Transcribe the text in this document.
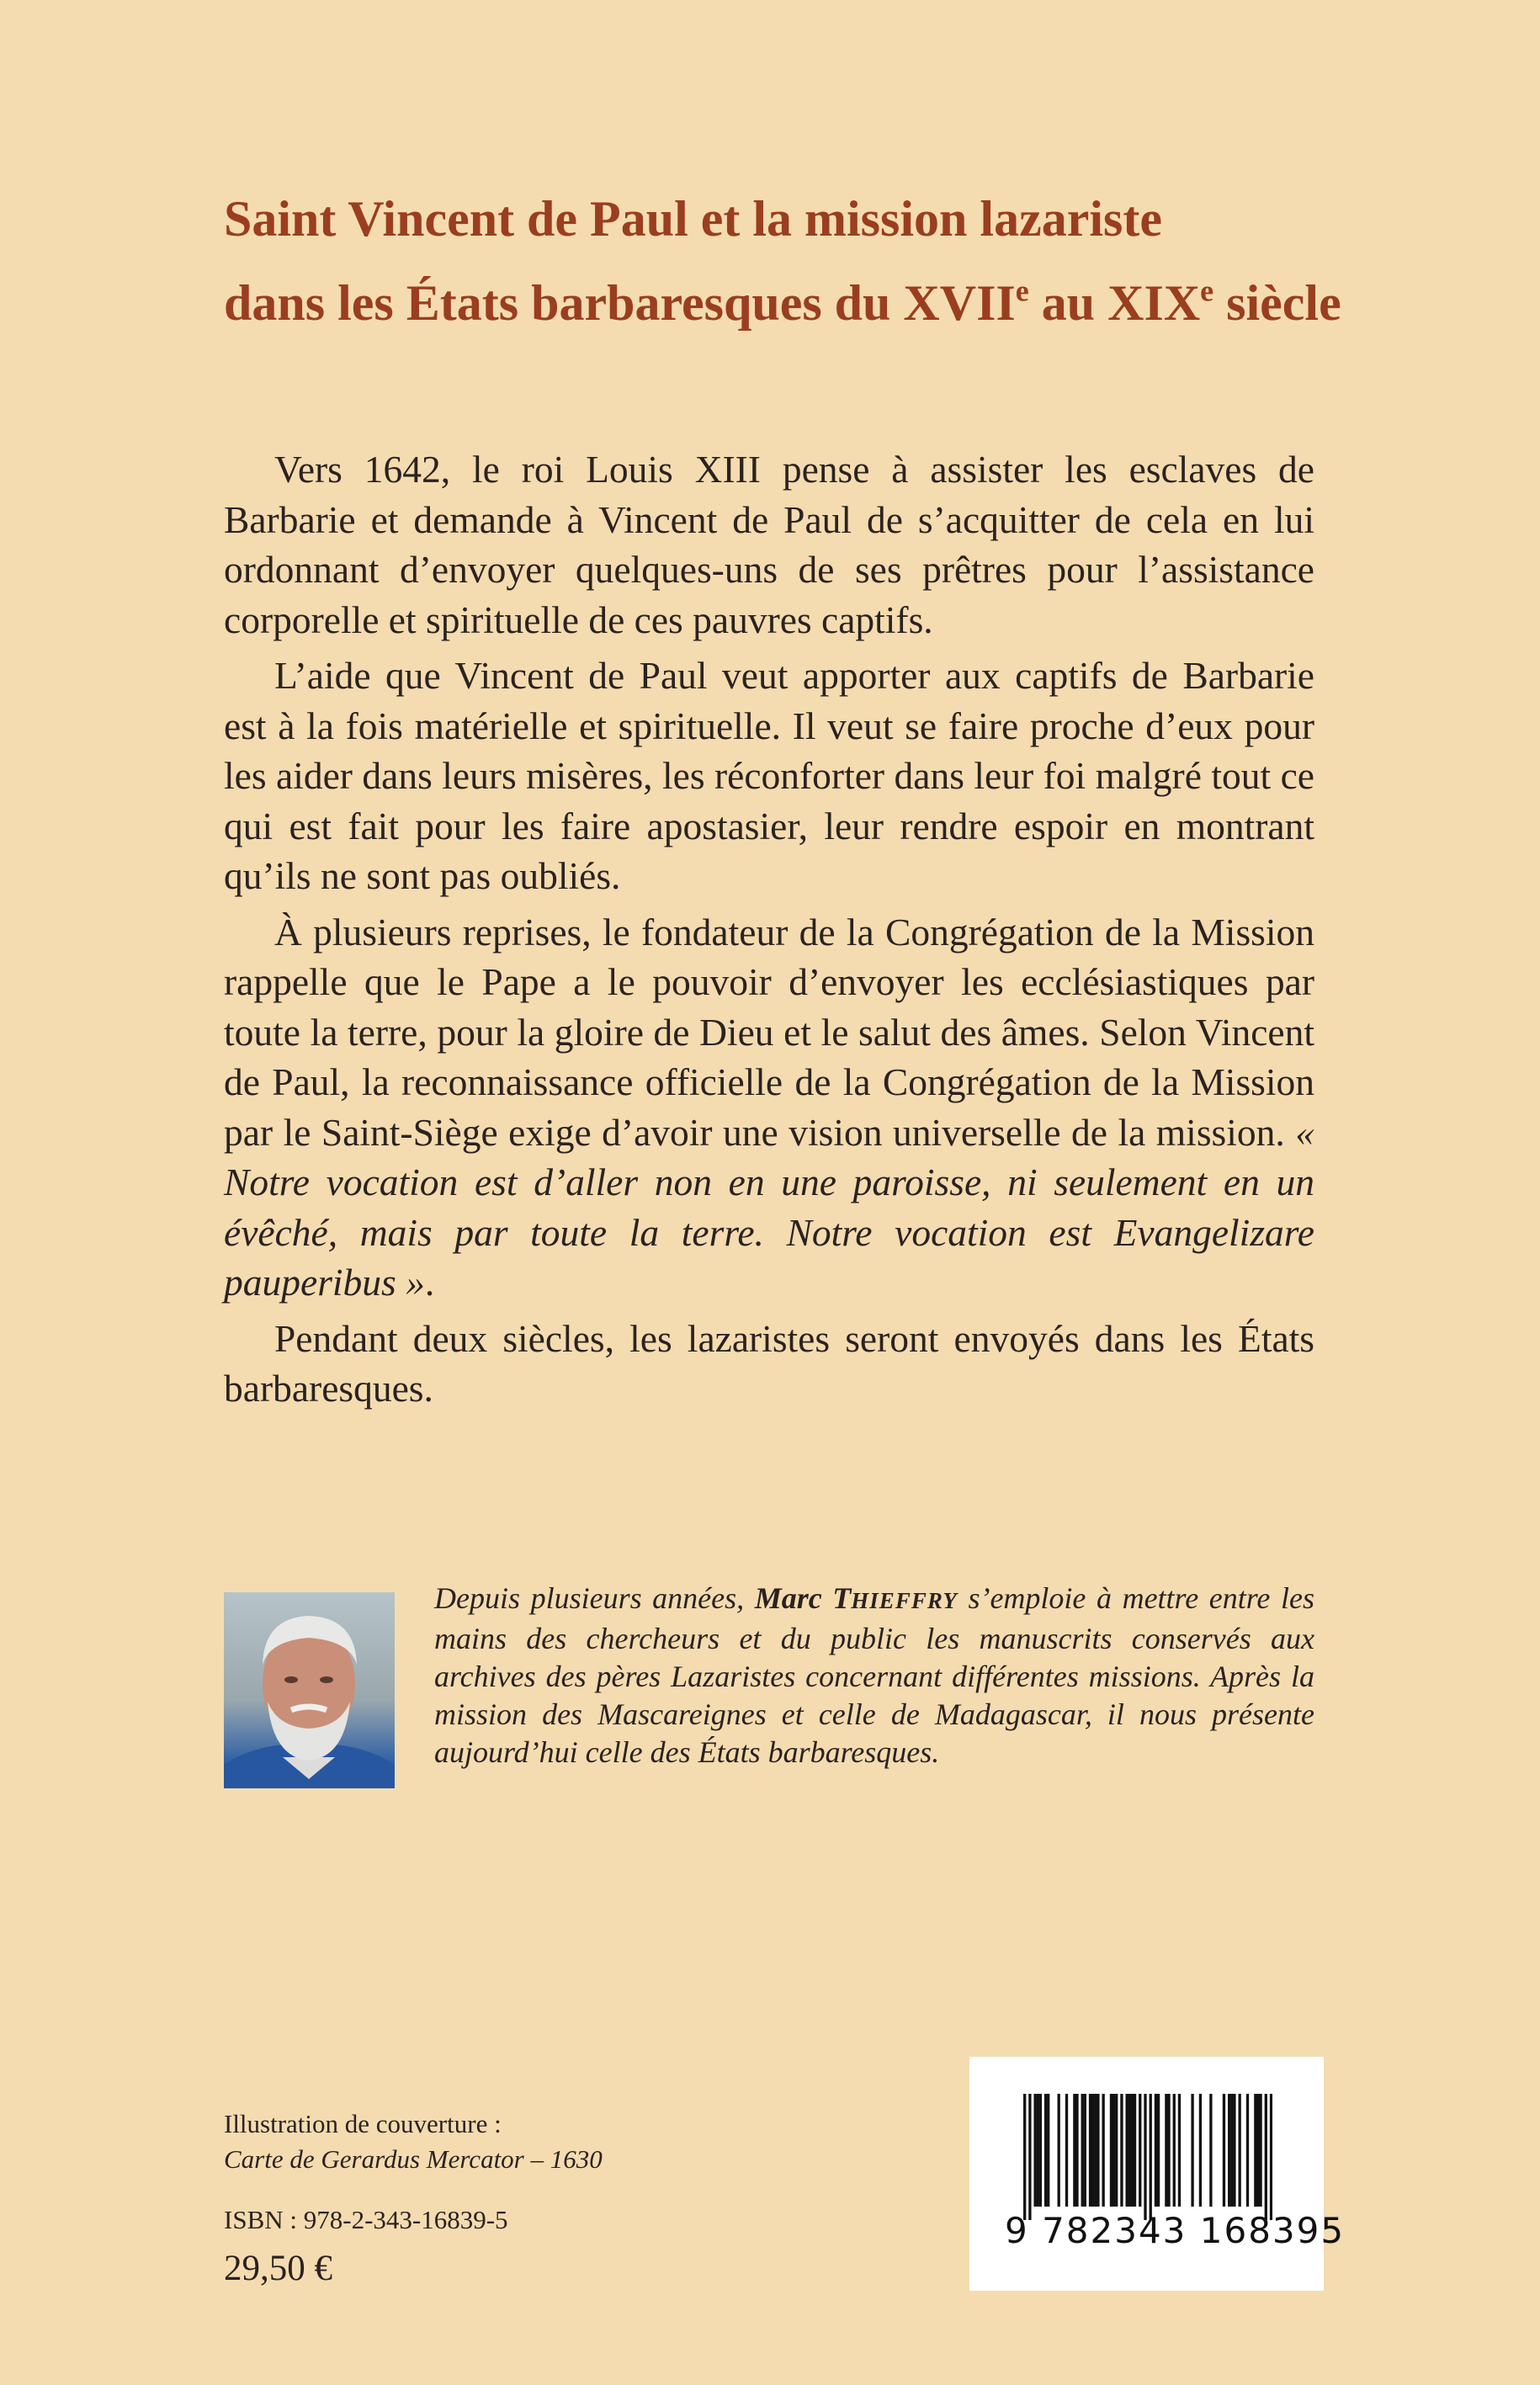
Saint Vincent de Paul et la mission lazariste
dans les États barbaresques du XVIIe au XIXe siècle

Vers 1642, le roi Louis XIII pense à assister les esclaves de Barbarie et demande à Vincent de Paul de s’acquitter de cela en lui ordonnant d’envoyer quelques-uns de ses prêtres pour l’assistance corporelle et spirituelle de ces pauvres captifs.

L’aide que Vincent de Paul veut apporter aux captifs de Barbarie est à la fois matérielle et spirituelle. Il veut se faire proche d’eux pour les aider dans leurs misères, les réconforter dans leur foi malgré tout ce qui est fait pour les faire apostasier, leur rendre espoir en montrant qu’ils ne sont pas oubliés.

À plusieurs reprises, le fondateur de la Congrégation de la Mission rappelle que le Pape a le pouvoir d’envoyer les ecclésiastiques par toute la terre, pour la gloire de Dieu et le salut des âmes. Selon Vincent de Paul, la reconnaissance officielle de la Congrégation de la Mission par le Saint-Siège exige d’avoir une vision universelle de la mission. « Notre vocation est d’aller non en une paroisse, ni seulement en un évêché, mais par toute la terre. Notre vocation est Evangelizare pauperibus ».

Pendant deux siècles, les lazaristes seront envoyés dans les États barbaresques.

Depuis plusieurs années, Marc THIEFFRY s’emploie à mettre entre les mains des chercheurs et du public les manuscrits conservés aux archives des pères Lazaristes concernant différentes missions. Après la mission des Mascareignes et celle de Madagascar, il nous présente aujourd’hui celle des États barbaresques.
Illustration de couverture :
Carte de Gerardus Mercator – 1630
ISBN : 978-2-343-16839-5
29,50 €
9 782343 168395
